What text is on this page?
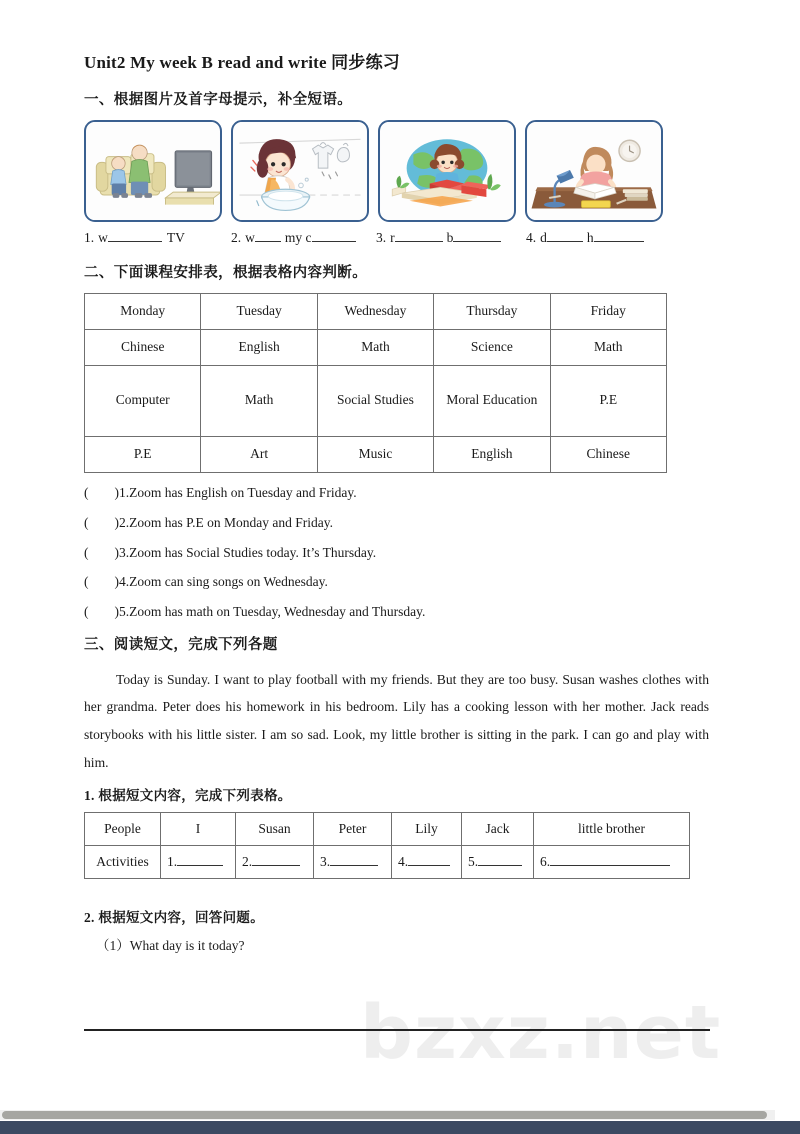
bzxz.net
Unit2 My week B read and write 同步练习
一、根据图片及首字母提示，补全短语。
1. w	TV	2. w my c	3. r	b	4. d	h
二、下面课程安排表，根据表格内容判断。
Monday	Tuesday	Wednesday	Thursday	Friday
Chinese	English	Math	Science	Math
Computer	Math	Social Studies	Moral Education	P.E
P.E	Art	Music	English	Chinese
( )1.Zoom has English on Tuesday and Friday.
( )2.Zoom has P.E on Monday and Friday.
( )3.Zoom has Social Studies today. It’s Thursday.
( )4.Zoom can sing songs on Wednesday.
( )5.Zoom has math on Tuesday, Wednesday and Thursday.
三、阅读短文，完成下列各题
Today is Sunday. I want to play football with my friends. But they are too busy. Susan washes clothes with her grandma. Peter does his homework in his bedroom. Lily has a cooking lesson with her mother. Jack reads storybooks with his little sister. I am so sad. Look, my little brother is sitting in the park. I can go and play with him.
1. 根据短文内容，完成下列表格。
People	I	Susan	Peter	Lily	Jack	little brother
Activities	1.	2.	3.	4.	5.	6.
2. 根据短文内容，回答问题。
（1）What day is it today?
